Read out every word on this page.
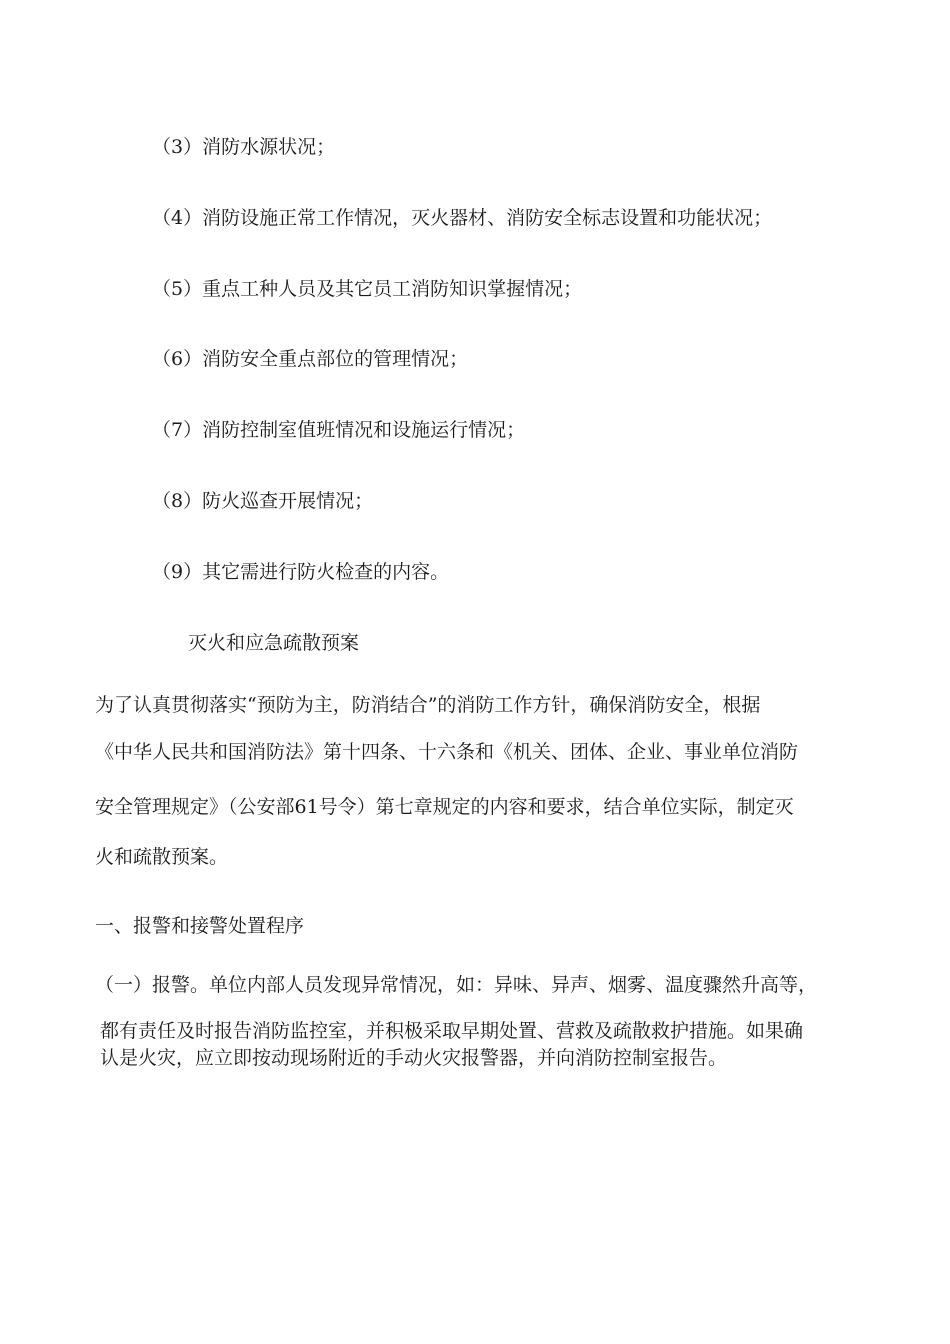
（3）消防水源状况；
（4）消防设施正常工作情况，灭火器材、消防安全标志设置和功能状况；
（5）重点工种人员及其它员工消防知识掌握情况；
（6）消防安全重点部位的管理情况；
（7）消防控制室值班情况和设施运行情况；
（8）防火巡查开展情况；
（9）其它需进行防火检查的内容。
灭火和应急疏散预案
为了认真贯彻落实“预防为主，防消结合”的消防工作方针，确保消防安全，根据
《中华人民共和国消防法》第十四条、十六条和《机关、团体、企业、事业单位消防
安全管理规定》（公安部61号令）第七章规定的内容和要求，结合单位实际，制定灭
火和疏散预案。
一、报警和接警处置程序
（一）报警。单位内部人员发现异常情况，如：异味、异声、烟雾、温度骤然升高等，
都有责任及时报告消防监控室，并积极采取早期处置、营救及疏散救护措施。如果确
认是火灾，应立即按动现场附近的手动火灾报警器，并向消防控制室报告。
